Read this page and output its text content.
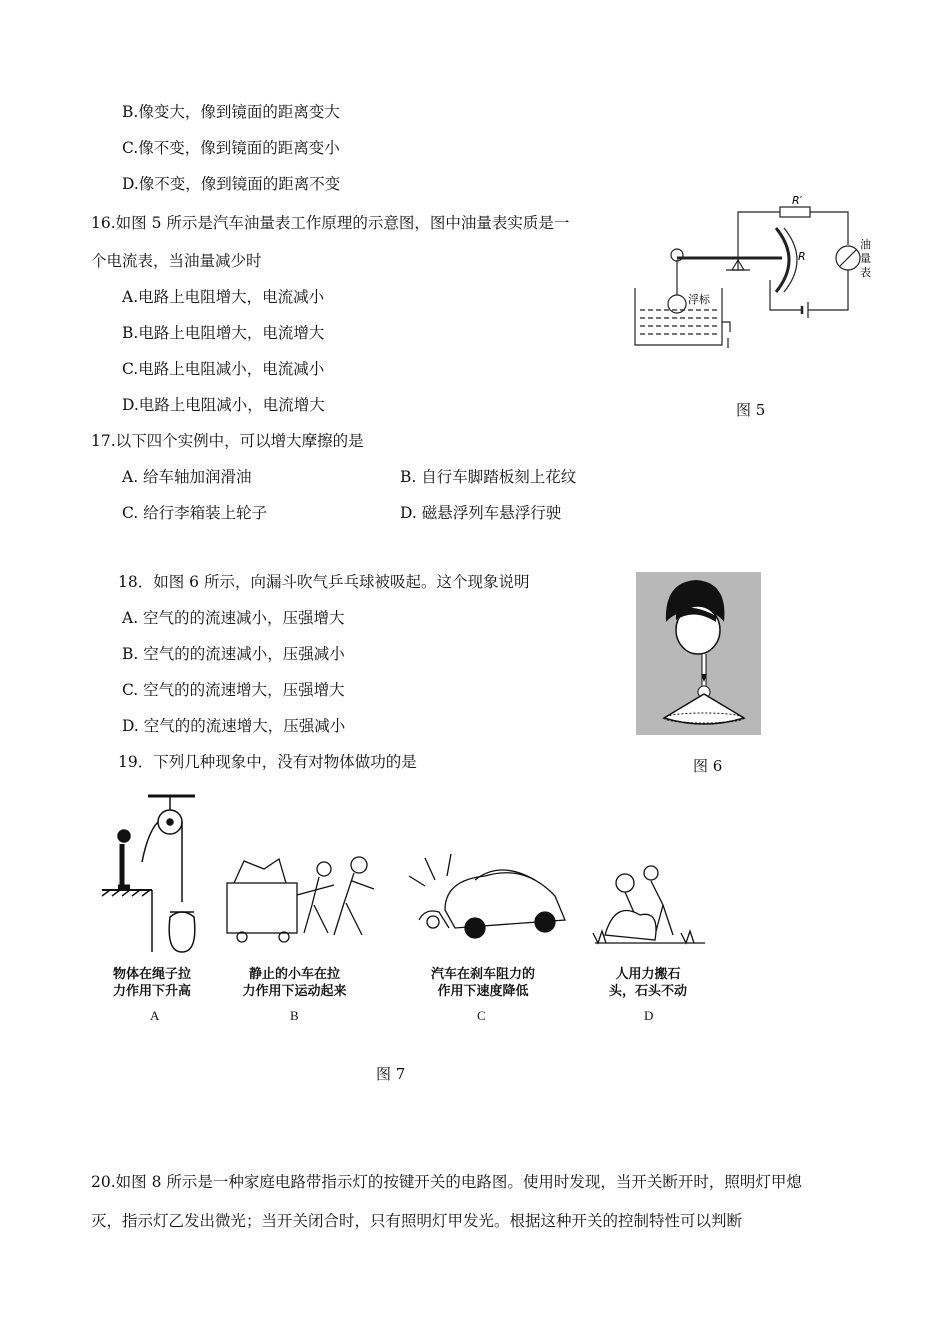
B.像变大，像到镜面的距离变大
C.像不变，像到镜面的距离变小
D.像不变，像到镜面的距离不变
16.如图 5 所示是汽车油量表工作原理的示意图，图中油量表实质是一
个电流表，当油量减少时
A.电路上电阻增大，电流减小
B.电路上电阻增大，电流增大
C.电路上电阻减小，电流减小
D.电路上电阻减小，电流增大
R′
R
浮标
油
量
表
图 5
17.以下四个实例中，可以增大摩擦的是
A. 给车轴加润滑油	B. 自行车脚踏板刻上花纹
C. 给行李箱装上轮子	D. 磁悬浮列车悬浮行驶
18．如图 6 所示，向漏斗吹气乒乓球被吸起。这个现象说明
A. 空气的的流速减小，压强增大
B. 空气的的流速减小，压强减小
C. 空气的的流速增大，压强增大
D. 空气的的流速增大，压强减小
图 6
19．下列几种现象中，没有对物体做功的是
物体在绳子拉
力作用下升高
A
静止的小车在拉
力作用下运动起来
B
汽车在刹车阻力的
作用下速度降低
C
人用力搬石
头，石头不动
D
图 7
20.如图 8 所示是一种家庭电路带指示灯的按键开关的电路图。使用时发现，当开关断开时，照明灯甲熄
灭，指示灯乙发出微光；当开关闭合时，只有照明灯甲发光。根据这种开关的控制特性可以判断
